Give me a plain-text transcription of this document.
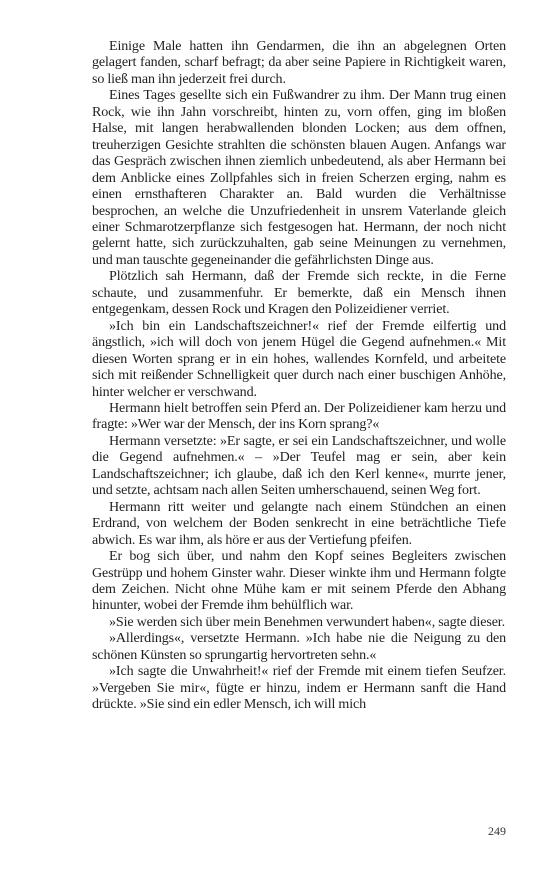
Einige Male hatten ihn Gendarmen, die ihn an abgelegnen Orten gelagert fanden, scharf befragt; da aber seine Papiere in Richtigkeit waren, so ließ man ihn jederzeit frei durch.

Eines Tages gesellte sich ein Fußwandrer zu ihm. Der Mann trug einen Rock, wie ihn Jahn vorschreibt, hinten zu, vorn offen, ging im bloßen Halse, mit langen herabwallenden blonden Locken; aus dem offnen, treuherzigen Gesichte strahlten die schönsten blauen Augen. Anfangs war das Gespräch zwischen ihnen ziemlich unbedeutend, als aber Hermann bei dem Anblicke eines Zollpfahles sich in freien Scherzen erging, nahm es einen ernsthafteren Charakter an. Bald wurden die Verhältnisse besprochen, an welche die Unzufriedenheit in unsrem Vaterlande gleich einer Schmarotzerpflanze sich festgesogen hat. Hermann, der noch nicht gelernt hatte, sich zurückzuhalten, gab seine Meinungen zu vernehmen, und man tauschte gegeneinander die gefährlichsten Dinge aus.

Plötzlich sah Hermann, daß der Fremde sich reckte, in die Ferne schaute, und zusammenfuhr. Er bemerkte, daß ein Mensch ihnen entgegenkam, dessen Rock und Kragen den Polizeidiener verriet.

»Ich bin ein Landschaftszeichner!« rief der Fremde eilfertig und ängstlich, »ich will doch von jenem Hügel die Gegend aufnehmen.« Mit diesen Worten sprang er in ein hohes, wallendes Kornfeld, und arbeitete sich mit reißender Schnelligkeit quer durch nach einer buschigen Anhöhe, hinter welcher er verschwand.

Hermann hielt betroffen sein Pferd an. Der Polizeidiener kam herzu und fragte: »Wer war der Mensch, der ins Korn sprang?«

Hermann versetzte: »Er sagte, er sei ein Landschaftszeichner, und wolle die Gegend aufnehmen.« – »Der Teufel mag er sein, aber kein Landschaftszeichner; ich glaube, daß ich den Kerl kenne«, murrte jener, und setzte, achtsam nach allen Seiten umherschauend, seinen Weg fort.

Hermann ritt weiter und gelangte nach einem Stündchen an einen Erdrand, von welchem der Boden senkrecht in eine beträchtliche Tiefe abwich. Es war ihm, als höre er aus der Vertiefung pfeifen.

Er bog sich über, und nahm den Kopf seines Begleiters zwischen Gestrüpp und hohem Ginster wahr. Dieser winkte ihm und Hermann folgte dem Zeichen. Nicht ohne Mühe kam er mit seinem Pferde den Abhang hinunter, wobei der Fremde ihm behülflich war.

»Sie werden sich über mein Benehmen verwundert haben«, sagte dieser.

»Allerdings«, versetzte Hermann. »Ich habe nie die Neigung zu den schönen Künsten so sprungartig hervortreten sehn.«

»Ich sagte die Unwahrheit!« rief der Fremde mit einem tiefen Seufzer. »Vergeben Sie mir«, fügte er hinzu, indem er Hermann sanft die Hand drückte. »Sie sind ein edler Mensch, ich will mich

249
